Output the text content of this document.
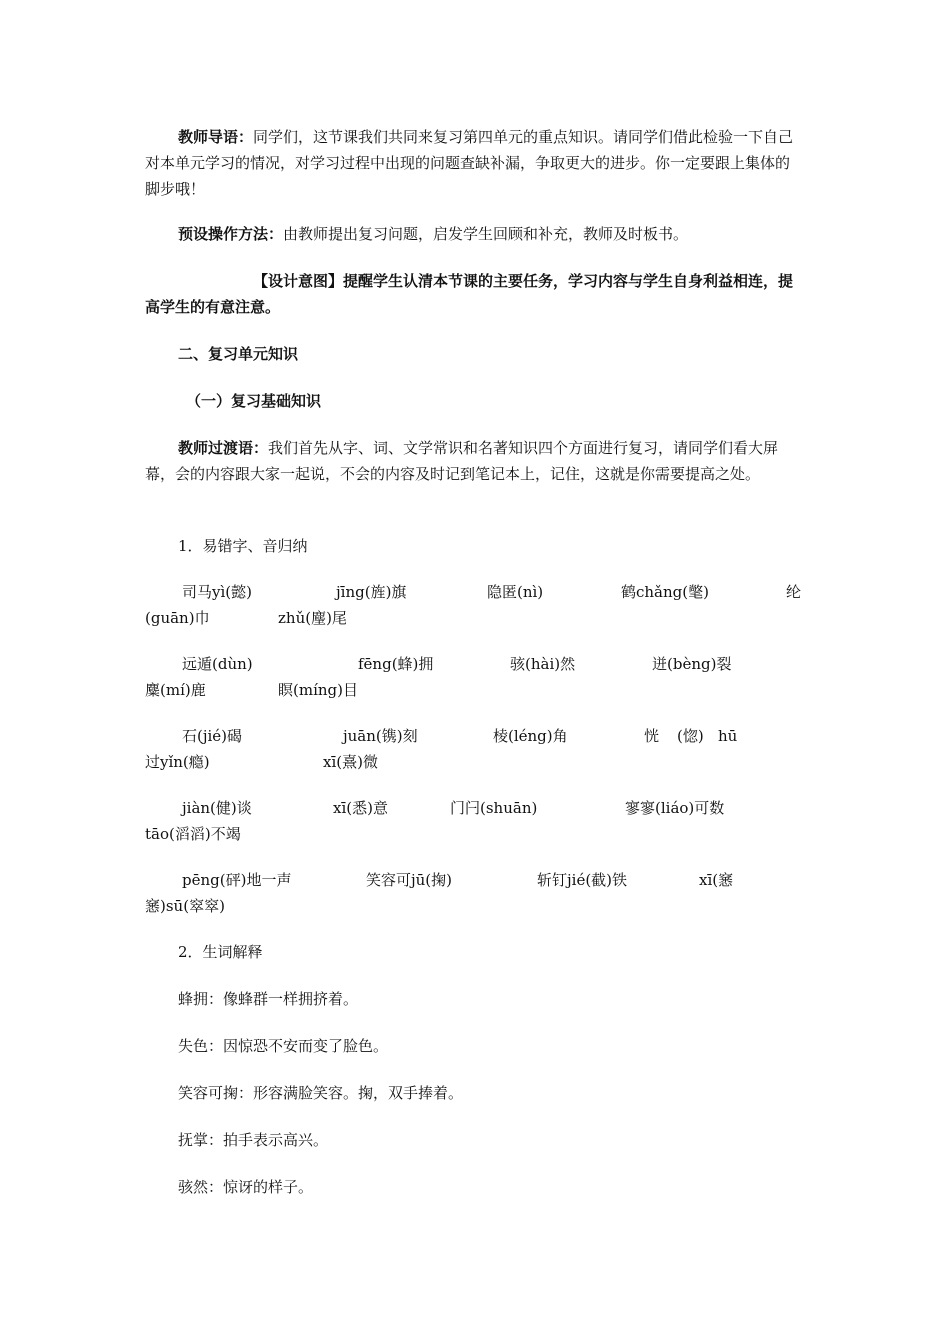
教师导语：同学们，这节课我们共同来复习第四单元的重点知识。请同学们借此检验一下自己对本单元学习的情况，对学习过程中出现的问题查缺补漏，争取更大的进步。你一定要跟上集体的脚步哦！

预设操作方法：由教师提出复习问题，启发学生回顾和补充，教师及时板书。

【设计意图】提醒学生认清本节课的主要任务，学习内容与学生自身利益相连，提高学生的有意注意。

二、复习单元知识

（一）复习基础知识

教师过渡语：我们首先从字、词、文学常识和名著知识四个方面进行复习，请同学们看大屏幕，会的内容跟大家一起说，不会的内容及时记到笔记本上，记住，这就是你需要提高之处。

1．易错字、音归纳

司马yì(懿)	jīng(旌)旗	隐匿(nì)	鹤chǎng(氅)	纶
(guān)巾	zhǔ(麈)尾
远遁(dùn)	fēng(蜂)拥	骇(hài)然	迸(bèng)裂
麋(mí)鹿	瞑(míng)目
石(jié)碣	juān(镌)刻	棱(léng)角	恍 (惚) hū
过yǐn(瘾)	xī(熹)微
jiàn(健)谈	xī(悉)意	门闩(shuān)	寥寥(liáo)可数
tāo(滔滔)不竭
pēng(砰)地一声	笑容可jū(掬)	斩钉jié(截)铁	xī(窸
窸)sū(窣窣)

2．生词解释

蜂拥：像蜂群一样拥挤着。

失色：因惊恐不安而变了脸色。

笑容可掬：形容满脸笑容。掬，双手捧着。

抚掌：拍手表示高兴。

骇然：惊讶的样子。
